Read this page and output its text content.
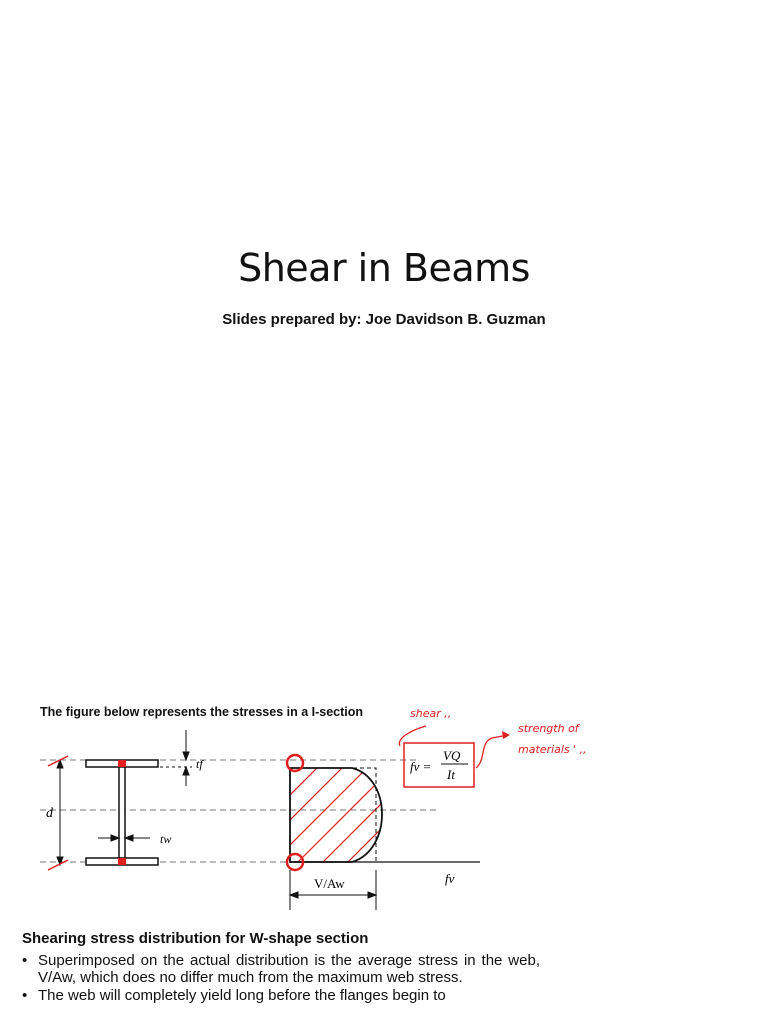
Shear in Beams
Slides prepared by: Joe Davidson B. Guzman
The figure below represents the stresses in a I-section
d
tf
tw
V/Aw	fv
fv =
VQ
It
shear ,,
strength of
materials ' ,,
Shearing stress distribution for W-shape section
• Superimposed on the actual distribution is the average stress in the web, V/Aw, which does no differ much from the maximum web stress.
• The web will completely yield long before the flanges begin to
